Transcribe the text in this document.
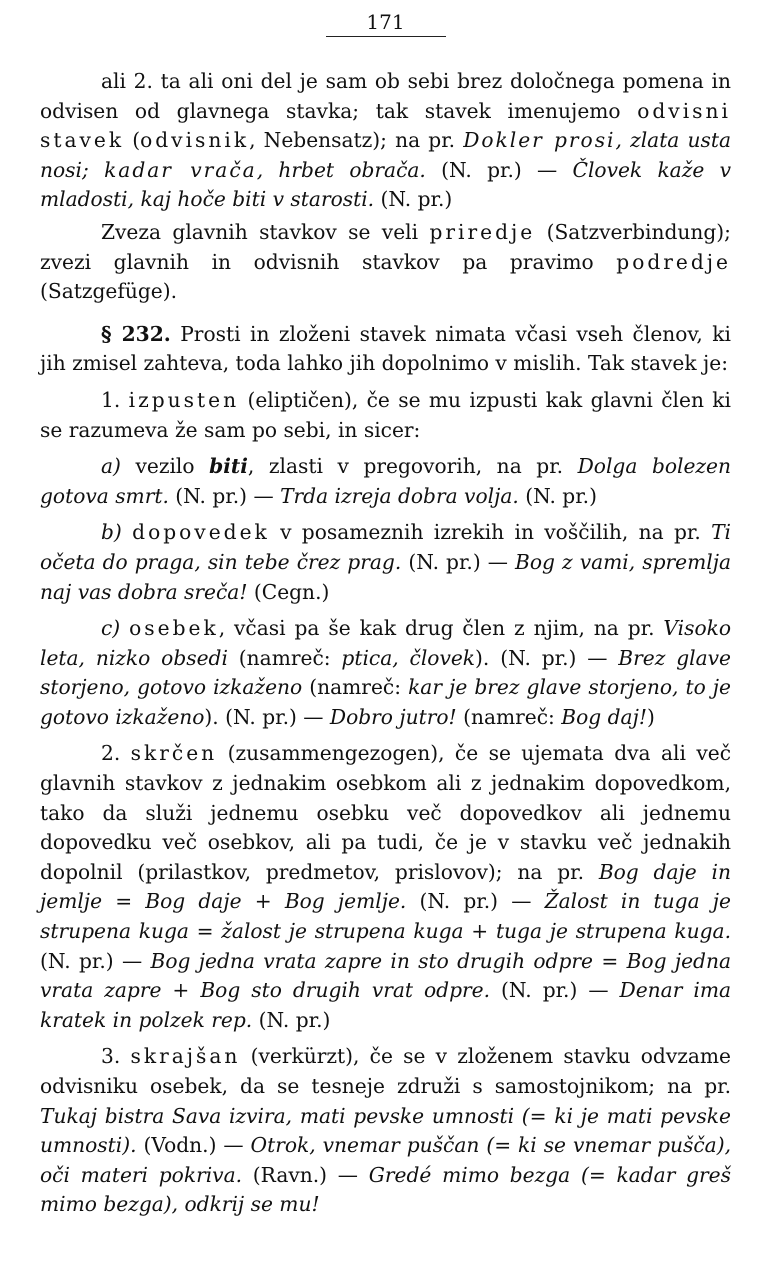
171

ali 2. ta ali oni del je sam ob sebi brez določnega pomena in odvisen od glavnega stavka; tak stavek imenujemo odvisni stavek (odvisnik, Nebensatz); na pr. Dokler prosi, zlata usta nosi; kadar vrača, hrbet obrača. (N. pr.) — Človek kaže v mladosti, kaj hoče biti v starosti. (N. pr.)

Zveza glavnih stavkov se veli priredje (Satzverbindung); zvezi glavnih in odvisnih stavkov pa pravimo podredje (Satzgefüge).

§ 232. Prosti in zloženi stavek nimata včasi vseh členov, ki jih zmisel zahteva, toda lahko jih dopolnimo v mislih. Tak stavek je:

1. izpusten (eliptičen), če se mu izpusti kak glavni člen ki se razumeva že sam po sebi, in sicer:

a) vezilo biti, zlasti v pregovorih, na pr. Dolga bolezen gotova smrt. (N. pr.) — Trda izreja dobra volja. (N. pr.)

b) dopovedek v posameznih izrekih in voščilih, na pr. Ti očeta do praga, sin tebe črez prag. (N. pr.) — Bog z vami, spremlja naj vas dobra sreča! (Cegn.)

c) osebek, včasi pa še kak drug člen z njim, na pr. Visoko leta, nizko obsedi (namreč: ptica, človek). (N. pr.) — Brez glave storjeno, gotovo izkaženo (namreč: kar je brez glave storjeno, to je gotovo izkaženo). (N. pr.) — Dobro jutro! (namreč: Bog daj!)

2. skrčen (zusammengezogen), če se ujemata dva ali več glavnih stavkov z jednakim osebkom ali z jednakim dopovedkom, tako da služi jednemu osebku več dopovedkov ali jednemu dopovedku več osebkov, ali pa tudi, če je v stavku več jednakih dopolnil (prilastkov, predmetov, prislovov); na pr. Bog daje in jemlje = Bog daje + Bog jemlje. (N. pr.) — Žalost in tuga je strupena kuga = žalost je strupena kuga + tuga je strupena kuga. (N. pr.) — Bog jedna vrata zapre in sto drugih odpre = Bog jedna vrata zapre + Bog sto drugih vrat odpre. (N. pr.) — Denar ima kratek in polzek rep. (N. pr.)

3. skrajšan (verkürzt), če se v zloženem stavku odvzame odvisniku osebek, da se tesneje združi s samostojnikom; na pr. Tukaj bistra Sava izvira, mati pevske umnosti (= ki je mati pevske umnosti). (Vodn.) — Otrok, vnemar puščan (= ki se vnemar pušča), oči materi pokriva. (Ravn.) — Gredé mimo bezga (= kadar greš mimo bezga), odkrij se mu!
